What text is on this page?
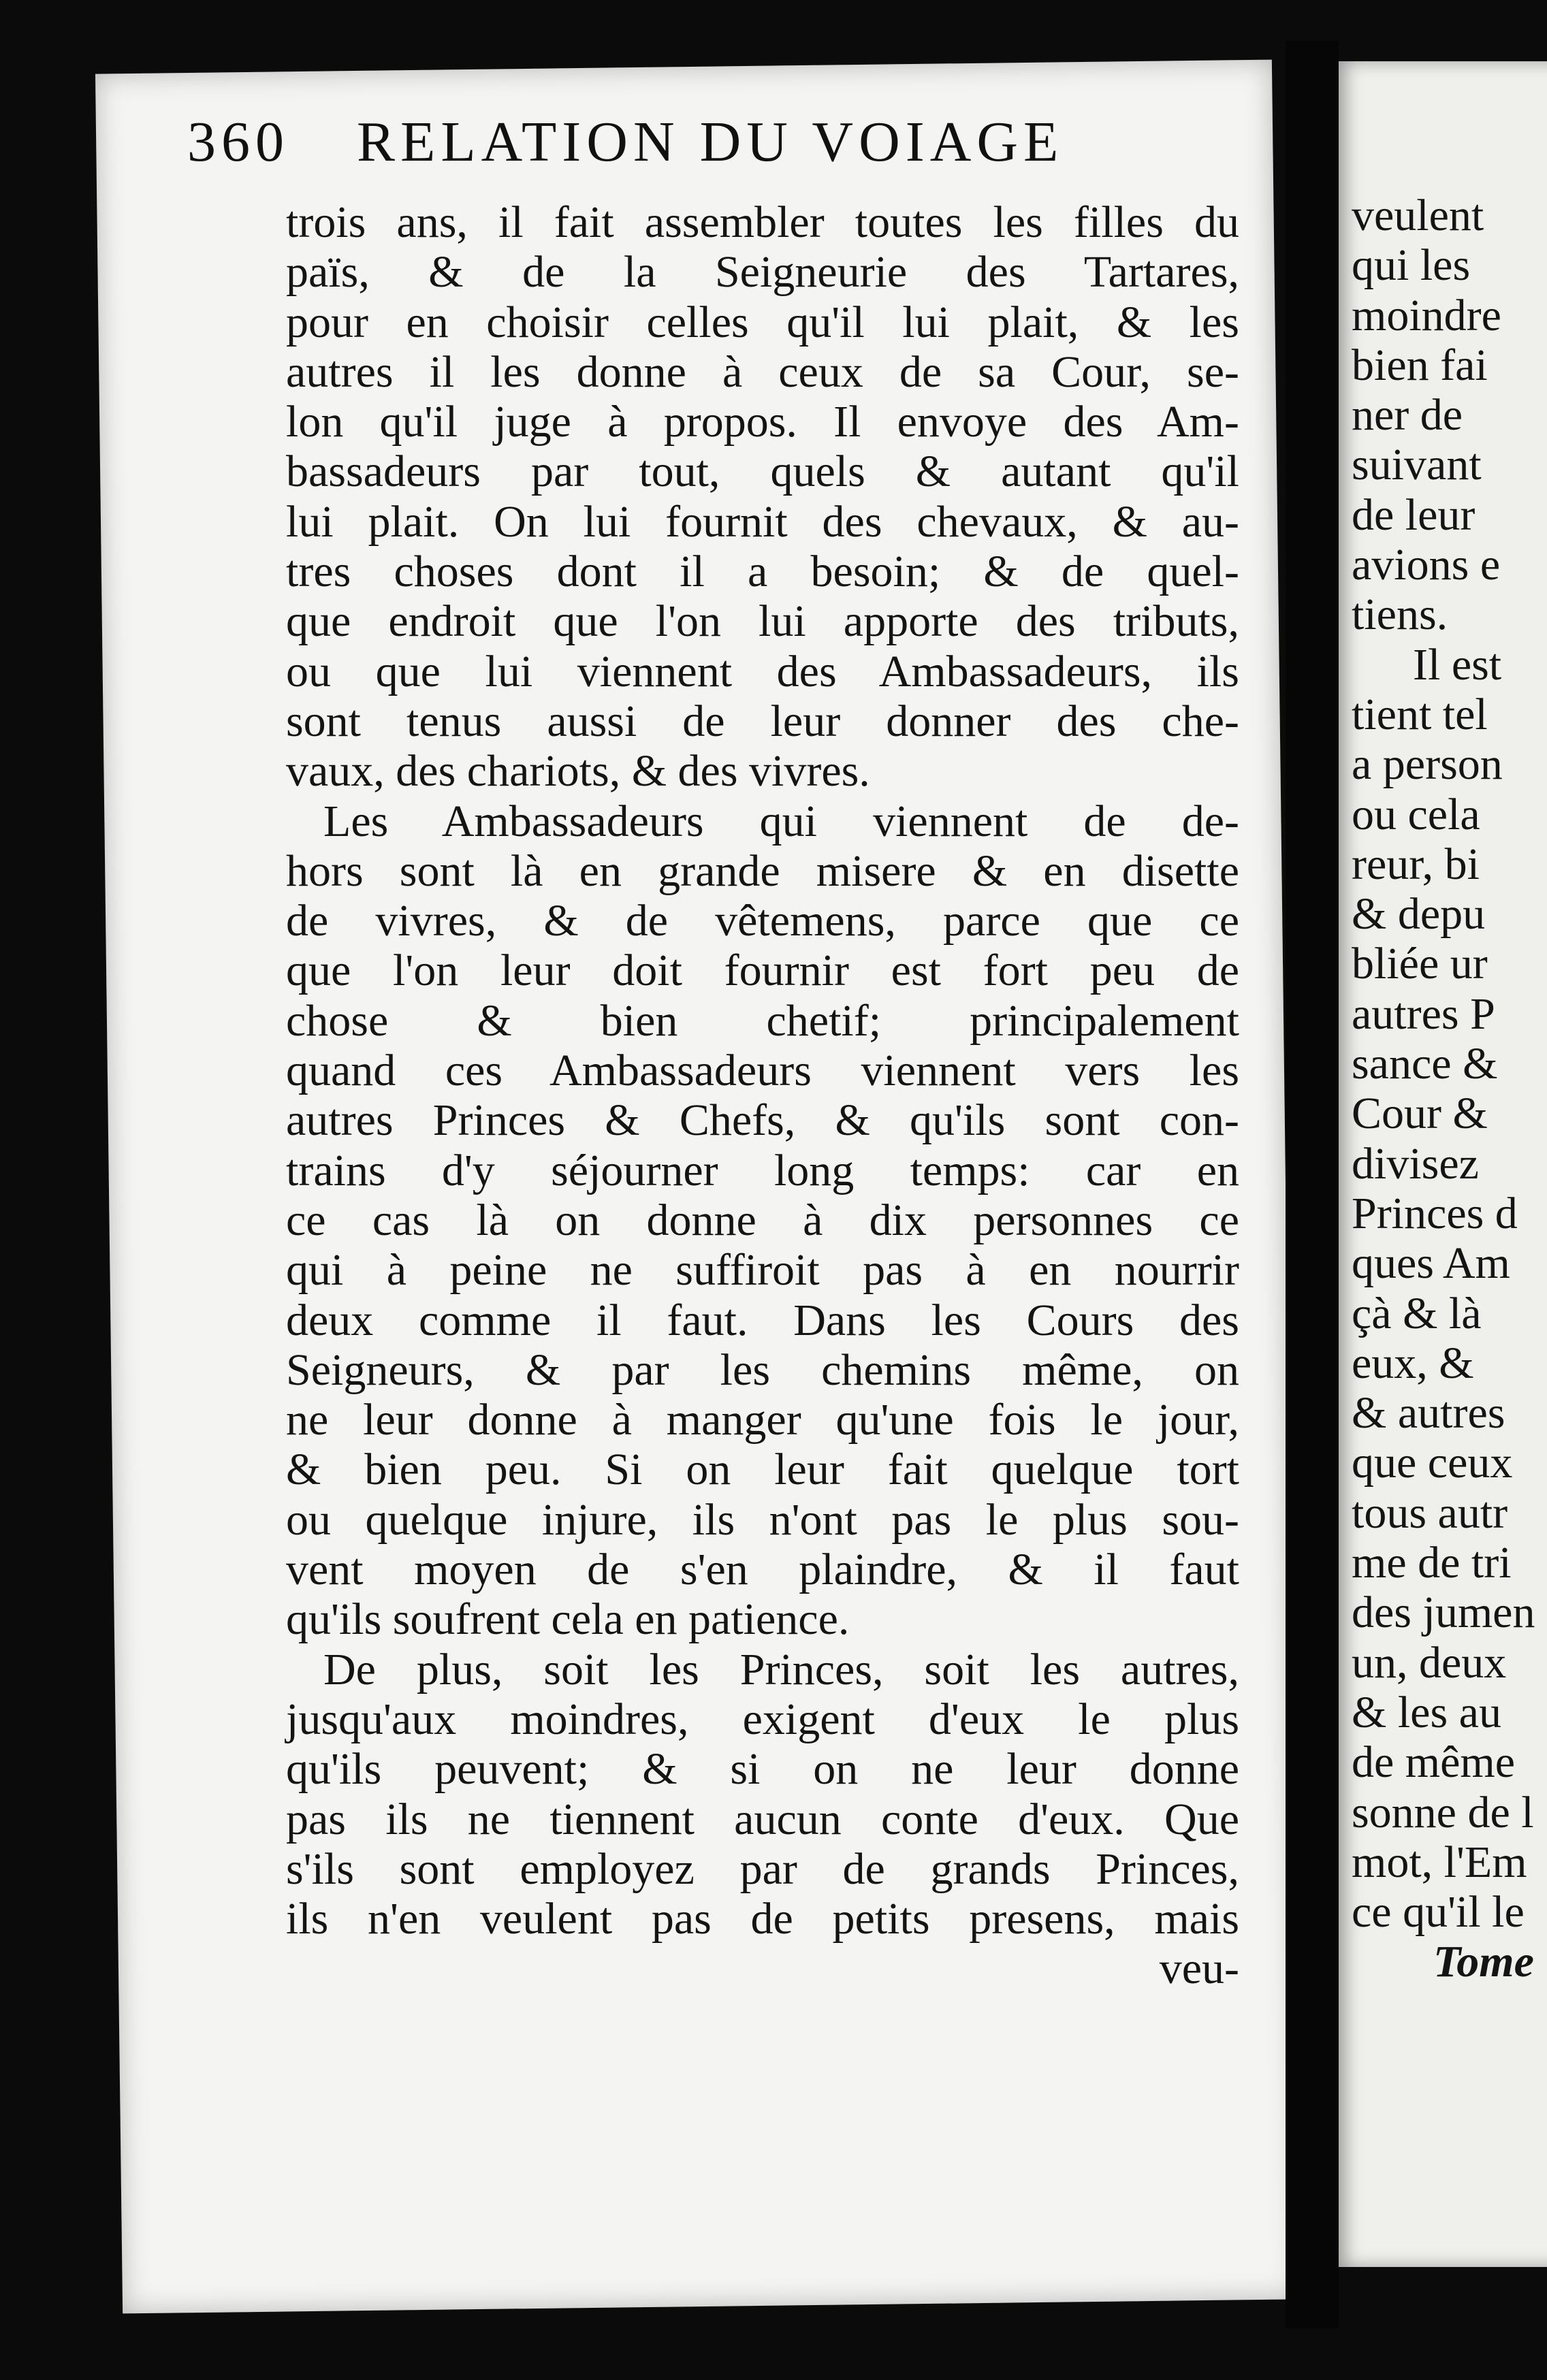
360 RELATION DU VOIAGE
trois ans, il fait assembler toutes les filles du
païs, & de la Seigneurie des Tartares,
pour en choisir celles qu'il lui plait, & les
autres il les donne à ceux de sa Cour, se-
lon qu'il juge à propos. Il envoye des Am-
bassadeurs par tout, quels & autant qu'il
lui plait. On lui fournit des chevaux, & au-
tres choses dont il a besoin; & de quel-
que endroit que l'on lui apporte des tributs,
ou que lui viennent des Ambassadeurs, ils
sont tenus aussi de leur donner des che-
vaux, des chariots, & des vivres.
Les Ambassadeurs qui viennent de de-
hors sont là en grande misere & en disette
de vivres, & de vêtemens, parce que ce
que l'on leur doit fournir est fort peu de
chose & bien chetif; principalement
quand ces Ambassadeurs viennent vers les
autres Princes & Chefs, & qu'ils sont con-
trains d'y séjourner long temps: car en
ce cas là on donne à dix personnes ce
qui à peine ne suffiroit pas à en nourrir
deux comme il faut. Dans les Cours des
Seigneurs, & par les chemins même, on
ne leur donne à manger qu'une fois le jour,
& bien peu. Si on leur fait quelque tort
ou quelque injure, ils n'ont pas le plus sou-
vent moyen de s'en plaindre, & il faut
qu'ils soufrent cela en patience.
De plus, soit les Princes, soit les autres,
jusqu'aux moindres, exigent d'eux le plus
qu'ils peuvent; & si on ne leur donne
pas ils ne tiennent aucun conte d'eux. Que
s'ils sont employez par de grands Princes,
ils n'en veulent pas de petits presens, mais
veu-
veulent
qui les
moindre
bien fai
ner de
suivant
de leur
avions e
tiens.
Il est
tient tel
a person
ou cela
reur, bi
& depu
bliée ur
autres P
sance &
Cour &
divisez
Princes d
ques Am
çà & là
eux, &
& autres
que ceux
tous autr
me de tri
des jumen
un, deux
& les au
de même
sonne de l
mot, l'Em
ce qu'il le
Tome
